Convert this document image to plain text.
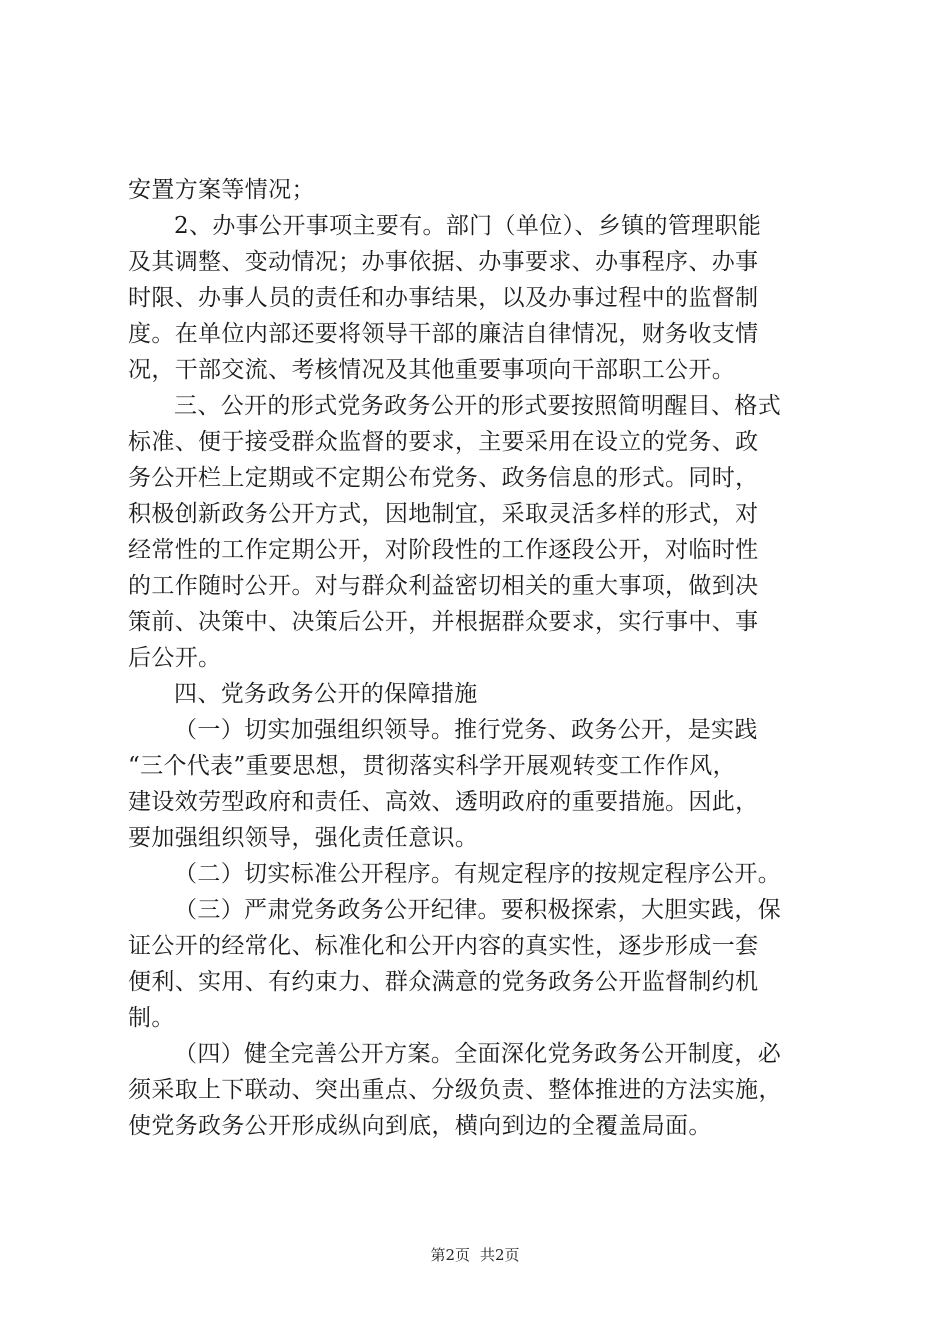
安置方案等情况；
2、办事公开事项主要有。部门（单位）、乡镇的管理职能
及其调整、变动情况；办事依据、办事要求、办事程序、办事
时限、办事人员的责任和办事结果，以及办事过程中的监督制
度。在单位内部还要将领导干部的廉洁自律情况，财务收支情
况，干部交流、考核情况及其他重要事项向干部职工公开。
三、公开的形式党务政务公开的形式要按照简明醒目、格式
标准、便于接受群众监督的要求，主要采用在设立的党务、政
务公开栏上定期或不定期公布党务、政务信息的形式。同时，
积极创新政务公开方式，因地制宜，采取灵活多样的形式，对
经常性的工作定期公开，对阶段性的工作逐段公开，对临时性
的工作随时公开。对与群众利益密切相关的重大事项，做到决
策前、决策中、决策后公开，并根据群众要求，实行事中、事
后公开。
四、党务政务公开的保障措施
（一）切实加强组织领导。推行党务、政务公开，是实践
“三个代表”重要思想，贯彻落实科学开展观转变工作作风，
建设效劳型政府和责任、高效、透明政府的重要措施。因此，
要加强组织领导，强化责任意识。
（二）切实标准公开程序。有规定程序的按规定程序公开。
（三）严肃党务政务公开纪律。要积极探索，大胆实践，保
证公开的经常化、标准化和公开内容的真实性，逐步形成一套
便利、实用、有约束力、群众满意的党务政务公开监督制约机
制。
（四）健全完善公开方案。全面深化党务政务公开制度，必
须采取上下联动、突出重点、分级负责、整体推进的方法实施，
使党务政务公开形成纵向到底，横向到边的全覆盖局面。
第2页 共2页
